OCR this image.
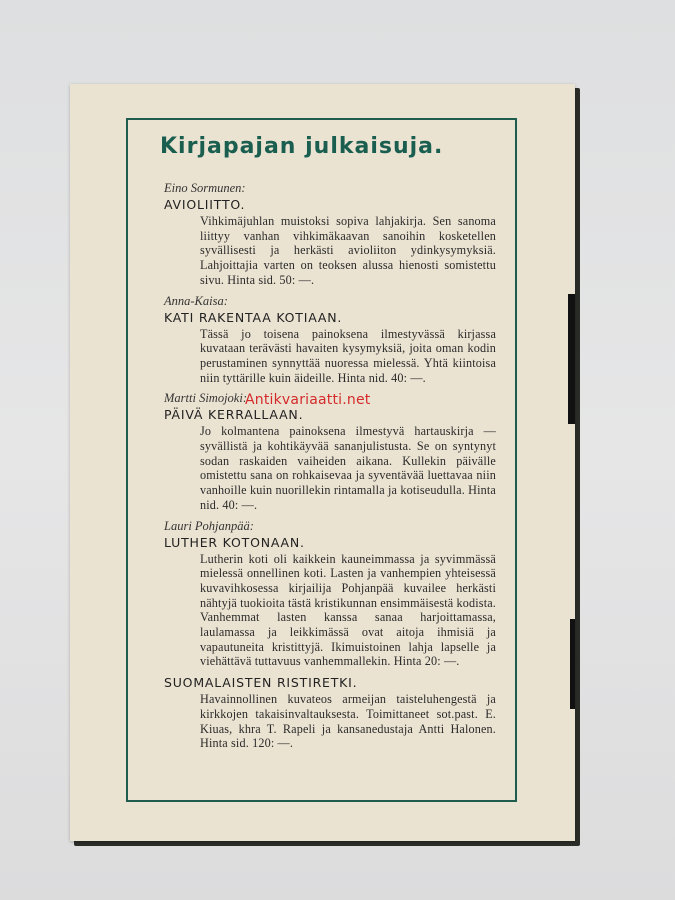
Kirjapajan julkaisuja.
Eino Sormunen:
AVIOLIITTO.
Vihkimäjuhlan muistoksi sopiva lahjakirja. Sen sanoma liittyy vanhan vihkimäkaavan sanoihin kosketellen syvällisesti ja herkästi avioliiton ydinkysymyksiä. Lahjoittajia varten on teoksen alussa hienosti somistettu sivu. Hinta sid. 50: —.
Anna-Kaisa:
KATI RAKENTAA KOTIAAN.
Tässä jo toisena painoksena ilmestyvässä kirjassa kuvataan terävästi havaiten kysymyksiä, joita oman kodin perustaminen synnyttää nuoressa mielessä. Yhtä kiintoisa niin tyttärille kuin äideille. Hinta nid. 40: —.
Martti Simojoki:
PÄIVÄ KERRALLAAN.
Jo kolmantena painoksena ilmestyvä hartauskirja — syvällistä ja kohtikäyvää sananjulistusta. Se on syntynyt sodan raskaiden vaiheiden aikana. Kullekin päivälle omistettu sana on rohkaisevaa ja syventävää luettavaa niin vanhoille kuin nuorillekin rintamalla ja kotiseudulla. Hinta nid. 40: —.
Lauri Pohjanpää:
LUTHER KOTONAAN.
Lutherin koti oli kaikkein kauneimmassa ja syvimmässä mielessä onnellinen koti. Lasten ja vanhempien yhteisessä kuvavihkosessa kirjailija Pohjanpää kuvailee herkästi nähtyjä tuokioita tästä kristikunnan ensimmäisestä kodista. Vanhemmat lasten kanssa sanaa harjoittamassa, laulamassa ja leikkimässä ovat aitoja ihmisiä ja vapautuneita kristittyjä. Ikimuistoinen lahja lapselle ja viehättävä tuttavuus vanhemmallekin. Hinta 20: —.
SUOMALAISTEN RISTIRETKI.
Havainnollinen kuvateos armeijan taisteluhengestä ja kirkkojen takaisinvaltauksesta. Toimittaneet sot.past. E. Kiuas, khra T. Rapeli ja kansanedustaja Antti Halonen. Hinta sid. 120: —.
Antikvariaatti.net
